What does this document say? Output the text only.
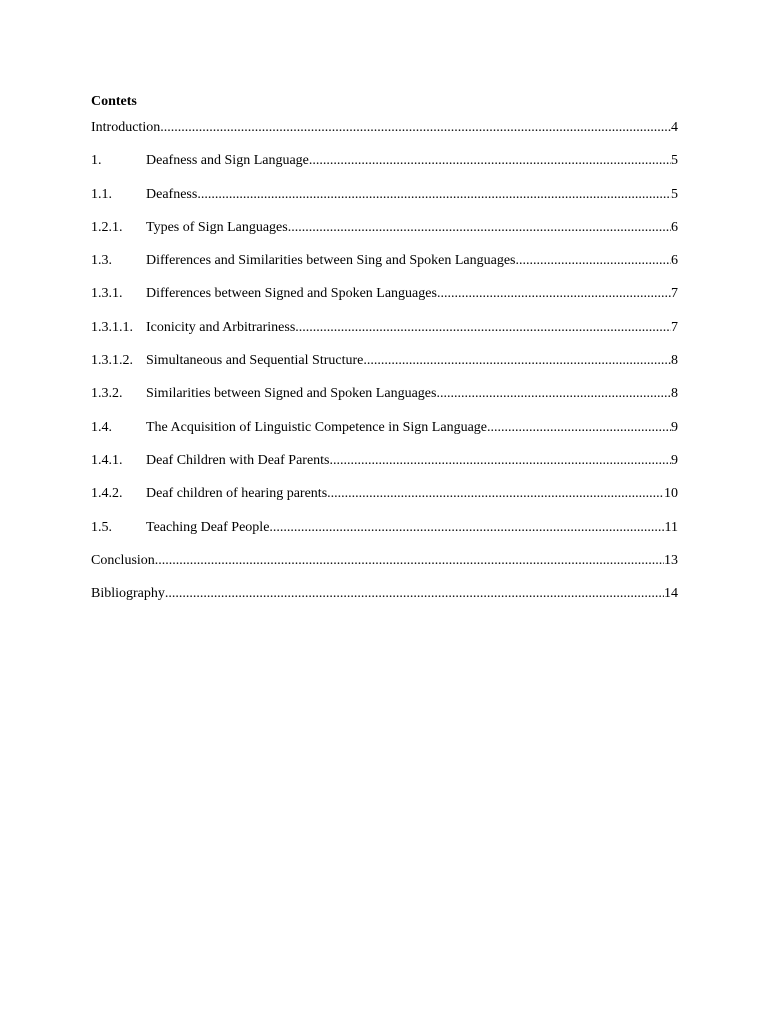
Contets
Introduction .....	4
1.	Deafness and Sign Language .....	5
1.1.	Deafness .....	5
1.2.1.	Types of Sign Languages .....	6
1.3.	Differences and Similarities between Sing and Spoken Languages .....	6
1.3.1.	Differences between Signed and Spoken Languages .....	7
1.3.1.1. Iconicity and Arbitrariness .....	7
1.3.1.2. Simultaneous and Sequential Structure. .....	8
1.3.2.	Similarities between Signed and Spoken Languages .....	8
1.4.	The Acquisition of Linguistic Competence in Sign Language .....	9
1.4.1.	Deaf Children with Deaf Parents .....	9
1.4.2.	Deaf children of hearing parents .....	10
1.5.	Teaching Deaf People .....	11
Conclusion .....	13
Bibliography .....	14
